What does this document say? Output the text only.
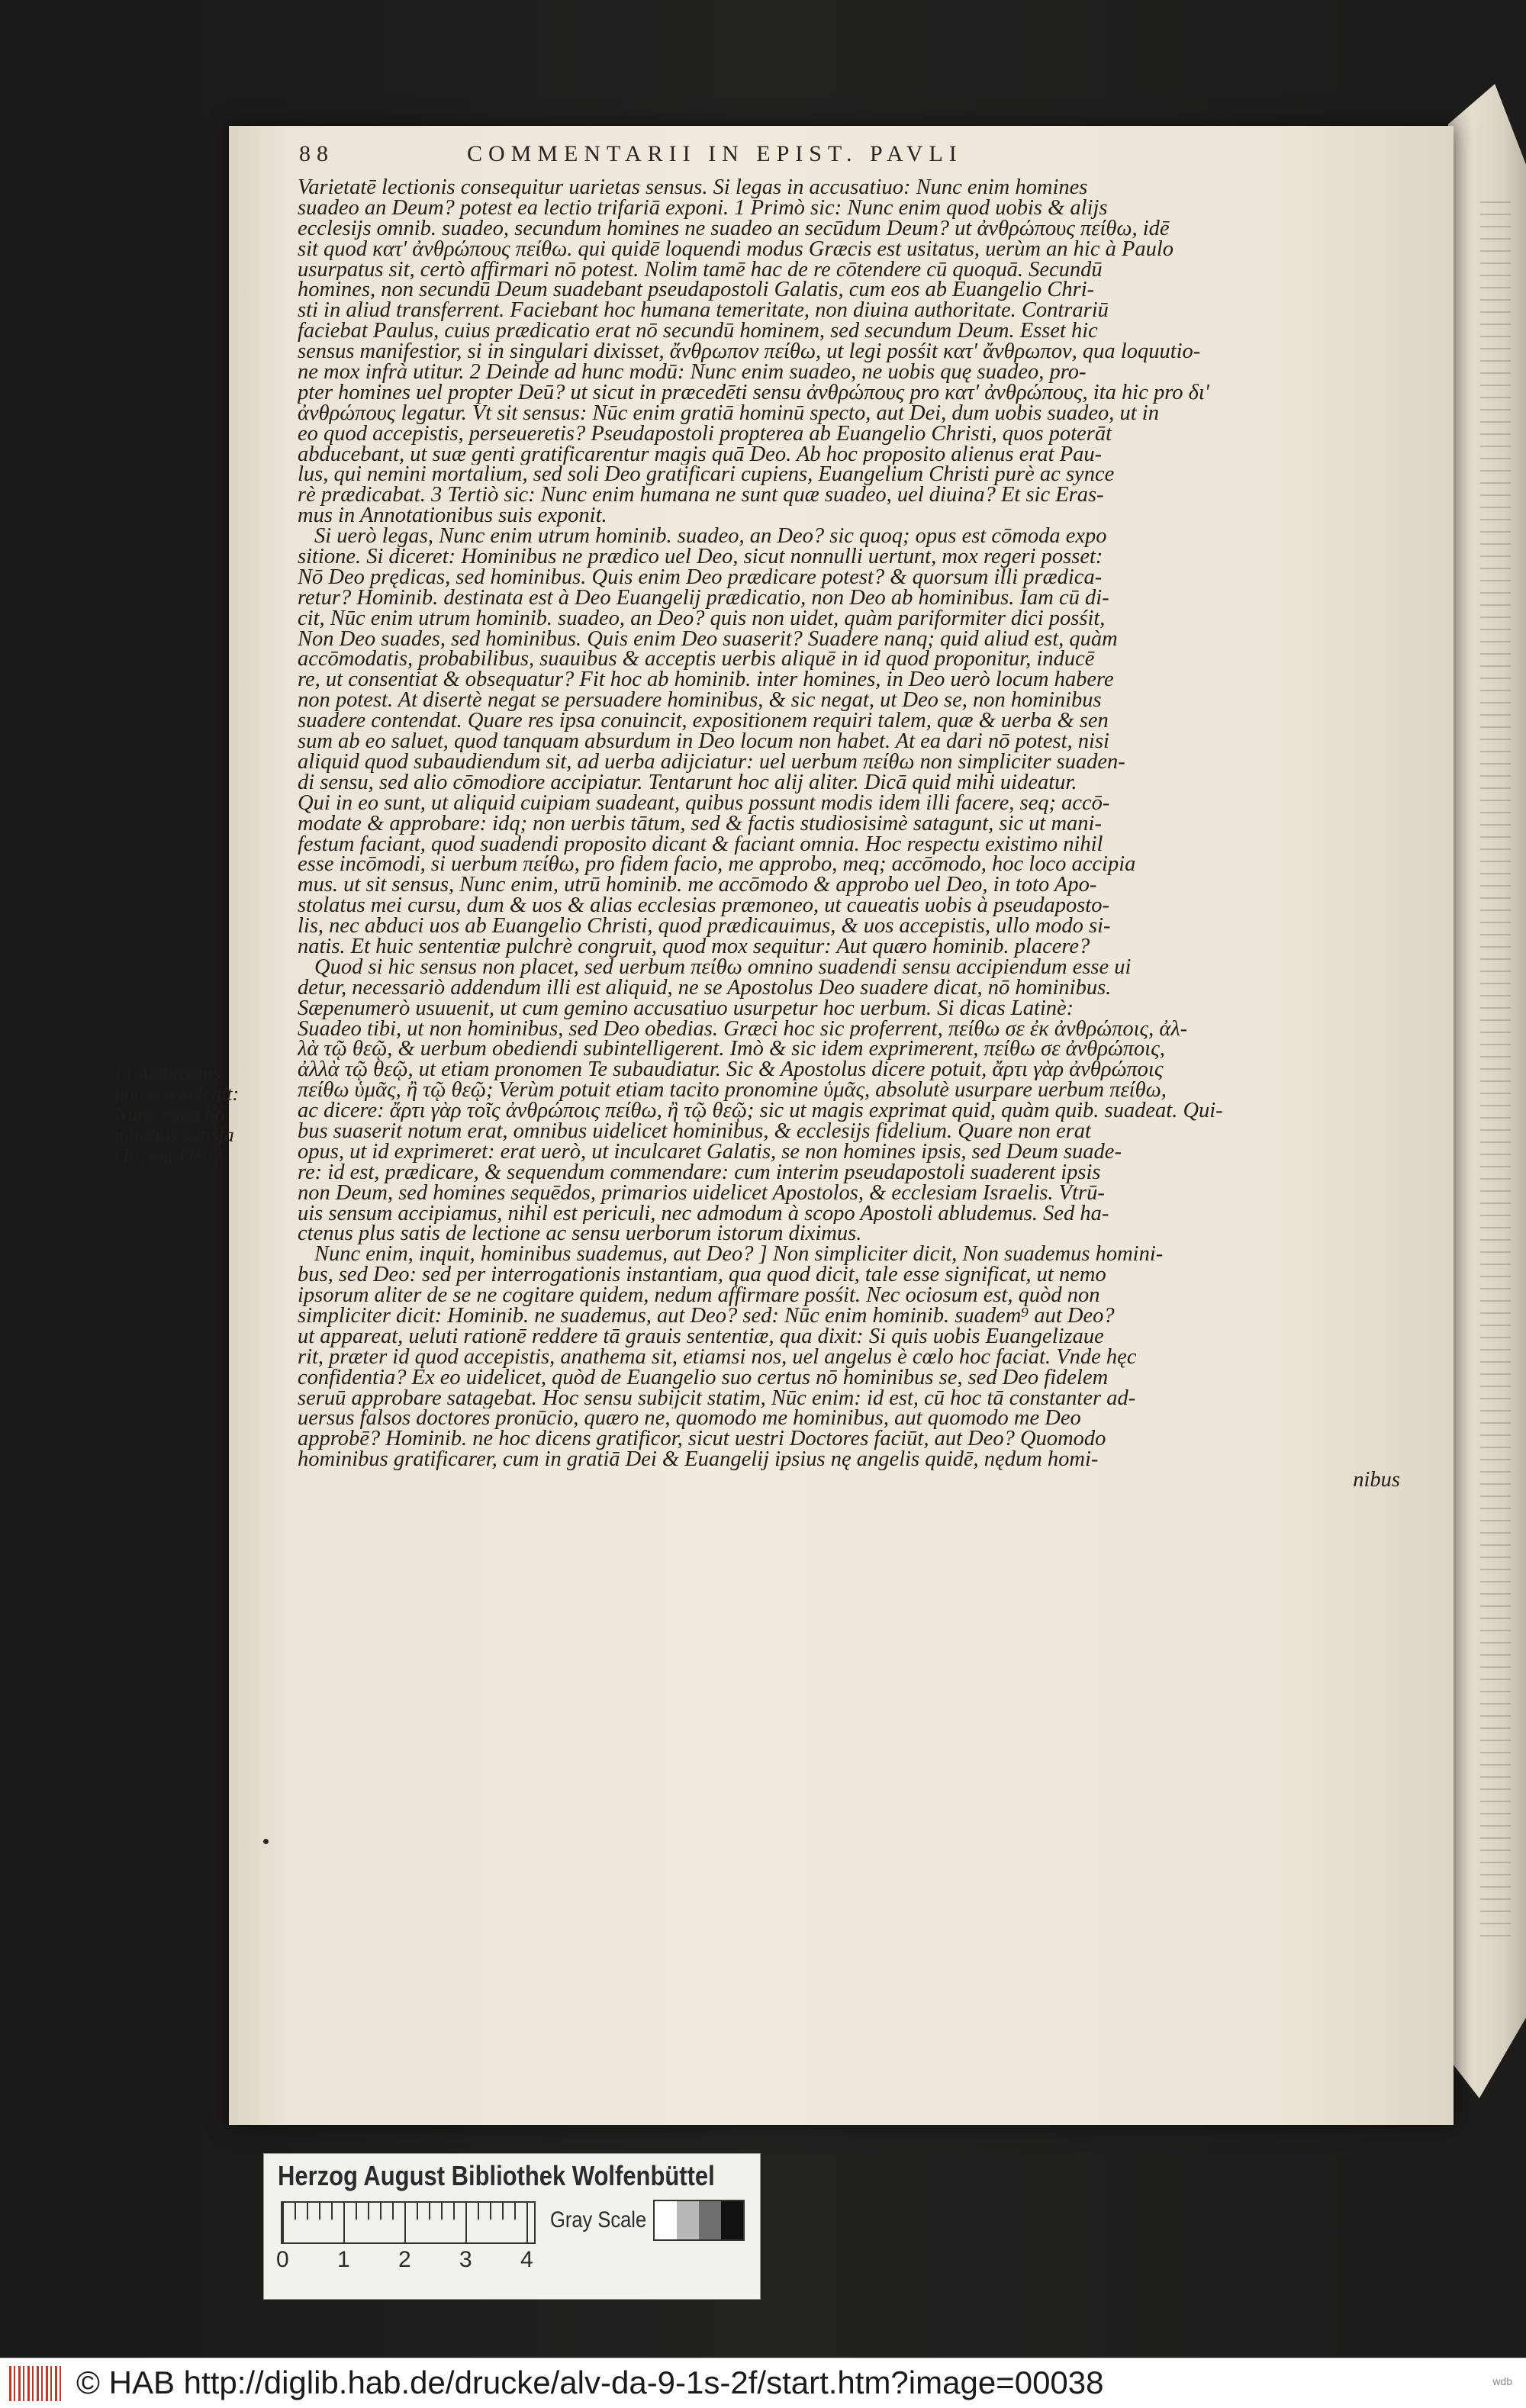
88	COMMENTARII IN EPIST. PAVLI
Varietatē lectionis consequitur uarietas sensus. Si legas in accusatiuo: Nunc enim homines
suadeo an Deum? potest ea lectio trifariā exponi. 1 Primò sic: Nunc enim quod uobis & alijs
ecclesijs omnib. suadeo, secundum homines ne suadeo an secūdum Deum? ut ἀνθρώπους πείθω, idē
sit quod κατ' ἀνθρώπους πείθω. qui quidē loquendi modus Græcis est usitatus, uerùm an hic à Paulo
usurpatus sit, certò affirmari nō potest. Nolim tamē hac de re cōtendere cū quoquā. Secundū
homines, non secundū Deum suadebant pseudapostoli Galatis, cum eos ab Euangelio Chri-
sti in aliud transferrent. Faciebant hoc humana temeritate, non diuina authoritate. Contrariū
faciebat Paulus, cuius prædicatio erat nō secundū hominem, sed secundum Deum. Esset hic
sensus manifestior, si in singulari dixisset, ἄνθρωπον πείθω, ut legi posśit κατ' ἄνθρωπον, qua loquutio-
ne mox infrà utitur. 2 Deinde ad hunc modū: Nunc enim suadeo, ne uobis quę suadeo, pro-
pter homines uel propter Deū? ut sicut in præcedēti sensu ἀνθρώπους pro κατ' ἀνθρώπους, ita hic pro δι'
ἀνθρώπους legatur. Vt sit sensus: Nūc enim gratiā hominū specto, aut Dei, dum uobis suadeo, ut in
eo quod accepistis, perseueretis? Pseudapostoli propterea ab Euangelio Christi, quos poterāt
abducebant, ut suæ genti gratificarentur magis quā Deo. Ab hoc proposito alienus erat Pau-
lus, qui nemini mortalium, sed soli Deo gratificari cupiens, Euangelium Christi purè ac synce
rè prædicabat. 3 Tertiò sic: Nunc enim humana ne sunt quæ suadeo, uel diuina? Et sic Eras-
mus in Annotationibus suis exponit.
Si uerò legas, Nunc enim utrum hominib. suadeo, an Deo? sic quoq; opus est cōmoda expo
sitione. Si diceret: Hominibus ne prædico uel Deo, sicut nonnulli uertunt, mox regeri posset:
Nō Deo prędicas, sed hominibus. Quis enim Deo prædicare potest? & quorsum illi prædica-
retur? Hominib. destinata est à Deo Euangelij prædicatio, non Deo ab hominibus. Iam cū di-
cit, Nūc enim utrum hominib. suadeo, an Deo? quis non uidet, quàm pariformiter dici posśit,
Non Deo suades, sed hominibus. Quis enim Deo suaserit? Suadere nanq; quid aliud est, quàm
accōmodatis, probabilibus, suauibus & acceptis uerbis aliquē in id quod proponitur, inducē
re, ut consentiat & obsequatur? Fit hoc ab hominib. inter homines, in Deo uerò locum habere
non potest. At disertè negat se persuadere hominibus, & sic negat, ut Deo se, non hominibus
suadere contendat. Quare res ipsa conuincit, expositionem requiri talem, quæ & uerba & sen
sum ab eo saluet, quod tanquam absurdum in Deo locum non habet. At ea dari nō potest, nisi
aliquid quod subaudiendum sit, ad uerba adijciatur: uel uerbum πείθω non simpliciter suaden-
di sensu, sed alio cōmodiore accipiatur. Tentarunt hoc alij aliter. Dicā quid mihi uideatur.
Qui in eo sunt, ut aliquid cuipiam suadeant, quibus possunt modis idem illi facere, seq; accō-
modate & approbare: idq; non uerbis tātum, sed & factis studiosisimè satagunt, sic ut mani-
festum faciant, quod suadendi proposito dicant & faciant omnia. Hoc respectu existimo nihil
esse incōmodi, si uerbum πείθω, pro fidem facio, me approbo, meq; accōmodo, hoc loco accipia
mus. ut sit sensus, Nunc enim, utrū hominib. me accōmodo & approbo uel Deo, in toto Apo-
stolatus mei cursu, dum & uos & alias ecclesias præmoneo, ut caueatis uobis à pseudaposto-
lis, nec abduci uos ab Euangelio Christi, quod prædicauimus, & uos accepistis, ullo modo si-
natis. Et huic sententiæ pulchrè congruit, quod mox sequitur: Aut quæro hominib. placere?
Quod si hic sensus non placet, sed uerbum πείθω omnino suadendi sensu accipiendum esse ui
detur, necessariò addendum illi est aliquid, ne se Apostolus Deo suadere dicat, nō hominibus.
Sæpenumerò usuuenit, ut cum gemino accusatiuo usurpetur hoc uerbum. Si dicas Latinè:
Suadeo tibi, ut non hominibus, sed Deo obedias. Græci hoc sic proferrent, πείθω σε ἐκ ἀνθρώποις, ἀλ-
λὰ τῷ θεῷ, & uerbum obediendi subintelligerent. Imò & sic idem exprimerent, πείθω σε ἀνθρώποις,
ἀλλὰ τῷ θεῷ, ut etiam pronomen Te subaudiatur. Sic & Apostolus dicere potuit, ἄρτι γὰρ ἀνθρώποις
πείθω ὑμᾶς, ἢ τῷ θεῷ; Verùm potuit etiam tacito pronomine ὑμᾶς, absolutè usurpare uerbum πείθω,
ac dicere: ἄρτι γὰρ τοῖς ἀνθρώποις πείθω, ἢ τῷ θεῷ; sic ut magis exprimat quid, quàm quib. suadeat. Qui-
bus suaserit notum erat, omnibus uidelicet hominibus, & ecclesijs fidelium. Quare non erat
opus, ut id exprimeret: erat uerò, ut inculcaret Galatis, se non homines ipsis, sed Deum suade-
re: id est, prædicare, & sequendum commendare: cum interim pseudapostoli suaderent ipsis
non Deum, sed homines sequēdos, primarios uidelicet Apostolos, & ecclesiam Israelis. Vtrū-
uis sensum accipiamus, nihil est periculi, nec admodum à scopo Apostoli abludemus. Sed ha-
ctenus plus satis de lectione ac sensu uerborum istorum diximus.
Nunc enim, inquit, hominibus suademus, aut Deo? ] Non simpliciter dicit, Non suademus homini-
bus, sed Deo: sed per interrogationis instantiam, qua quod dicit, tale esse significat, ut nemo
ipsorum aliter de se ne cogitare quidem, nedum affirmare posśit. Nec ociosum est, quòd non
simpliciter dicit: Hominib. ne suademus, aut Deo? sed: Nūc enim hominib. suadem⁹ aut Deo?
ut appareat, ueluti rationē reddere tā grauis sententiæ, qua dixit: Si quis uobis Euangelizaue
rit, præter id quod accepistis, anathema sit, etiamsi nos, uel angelus è cœlo hoc faciat. Vnde hęc
confidentia? Ex eo uidelicet, quòd de Euangelio suo certus nō hominibus se, sed Deo fidelem
seruū approbare satagebat. Hoc sensu subijcit statim, Nūc enim: id est, cū hoc tā constanter ad-
uersus falsos doctores pronūcio, quæro ne, quomodo me hominibus, aut quomodo me Deo
approbē? Hominib. ne hoc dicens gratificor, sicut uestri Doctores faciūt, aut Deo? Quomodo
hominibus gratificarer, cum in gratiā Dei & Euangelij ipsius nę angelis quidē, nędum homi-
nibus
Et Ambrosius
hoc sensu legit:
Nunc enim ho
minibus satisfa
cio, aut Deo?
Herzog August Bibliothek Wolfenbüttel
0 1 2 3 4
Gray Scale
© HAB http://diglib.hab.de/drucke/alv-da-9-1s-2f/start.htm?image=00038	wdb
